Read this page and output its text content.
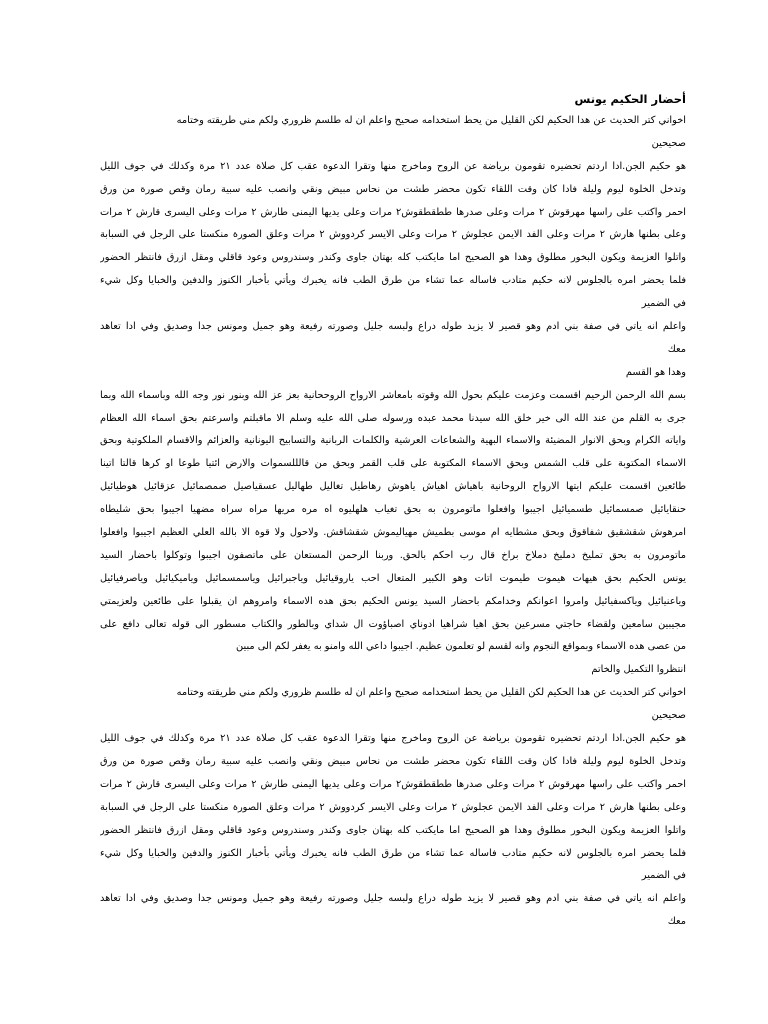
أحضار الحكيم يونس
اخواني كتر الحديث عن هدا الحكيم لكن القليل من يحط استخدامه صحيح واعلم ان له طلسم ظروري ولكم مني طريقته وختامه
صحيحين
هو حكيم الجن.ادا اردتم تحضيره تقومون برياضة عن الروح وماخرج منها وتقرا الدعوة عقب كل صلاة عدد ٢١ مرة وكدلك في جوف الليل
وتدخل الخلوة ليوم وليلة فادا كان وقت اللقاء تكون محضر طشت من نحاس مبيض ونقي وانصب عليه سبية رمان وقص صورة من ورق
احمر واكتب على راسها مهرقوش ٢ مرات وعلى صدرها ططقطقوش٢ مرات وعلى يديها اليمنى طارش ٢ مرات وعلى اليسرى قارش ٢ مرات
وعلى بطنها هارش ٢ مرات وعلى الفد الايمن عجلوش ٢ مرات وعلى الايسر كردووش ٢ مرات وعلق الصورة منكستا على الرجل في السبابة
واتلوا العزيمة ويكون البخور مطلوق وهدا هو الصحيح اما مايكتب كله بهتان جاوى وكندر وسندروس وعود قاقلي ومقل ازرق فانتظر الحضور
فلما يحضر امره بالجلوس لانه حكيم متادب فاساله عما تشاء من طرق الطب فانه يخبرك ويأتي بأخبار الكنوز والدفين والخبايا وكل شيء
في الضمير
واعلم انه ياتي في صفة بني ادم وهو قصير لا يزيد طوله دراع ولبسه جليل وصورته رفيعة وهو جميل ومونس جدا وصديق وفي ادا تعاهد
معك
وهدا هو القسم
بسم الله الرحمن الرحيم اقسمت وعزمت عليكم بحول الله وقوته بامعاشر الارواح الروححانية بعز عز الله وبنور نور وجه الله وباسماء الله وبما
جرى به القلم من عند الله الى خير خلق الله سيدنا محمد عبده ورسوله صلى الله عليه وسلم الا ماقبلتم واسرعتم بحق اسماء الله العظام
واياته الكرام وبحق الانوار المضيئة والاسماء البهية والشعاعات العرشية والكلمات الربانية والتسابيح اليونانية والعزائم والاقسام الملكوتية وبحق
الاسماء المكتوبة على قلب الشمس وبحق الاسماء المكتوبة على قلب القمر وبحق من قالللسموات والارض ائتيا طوعا او كرها قالتا اتينا
طائعين اقسمت عليكم ايتها الارواح الروحانية باهياش اهياش ياهوش رهاطيل تغاليل طهاليل عسقياصيل صمصمائيل عزقائيل هوطيائيل
حنقايائيل صمسمائيل طسميائيل اجيبوا وافعلوا ماتومرون به بحق تغياب هلهليوه اه مره مريها مراه سراه مضهيا اجيبوا بحق شليطاه
امرهوش شقشقيق شفاقوق وبحق مشطايه ام موسى بطميش مهياليموش شقشاقش. ولاحول ولا قوة الا بالله العلي العظيم اجيبوا وافعلوا
ماتومرون به بحق تمليخ دمليخ دملاخ براخ قال رب احكم بالحق. وربنا الرحمن المستعان على ماتصفون اجيبوا وتوكلوا باحضار السيد
يونس الحكيم بحق هيهات هيموت طيموت اتات وهو الكبير المتعال احب ياروقيائيل وياجبرائيل وياسمسمائيل وياميكيائيل وياصرفيائيل
وياعنيائيل وياكسفيائيل وامروا اعوانكم وخدامكم باحضار السيد يونس الحكيم بحق هده الاسماء وامروهم ان يقبلوا على طائعين ولعزيمتي
مجيبين سامعين ولقضاء حاجتي مسرعين بحق اهيا شراهيا ادوناي اصباؤوت ال شداي وبالطور والكتاب مسطور الى قوله تعالى دافع على
من عصى هده الاسماء وبمواقع النجوم وانه لقسم لو تعلمون عظيم. اجيبوا داعي الله وامنو به يغفر لكم الى مبين
انتظروا التكميل والخاتم
اخواني كتر الحديث عن هدا الحكيم لكن القليل من يحط استخدامه صحيح واعلم ان له طلسم ظروري ولكم مني طريقته وختامه
صحيحين
هو حكيم الجن.ادا اردتم تحضيره تقومون برياضة عن الروح وماخرج منها وتقرا الدعوة عقب كل صلاة عدد ٢١ مرة وكدلك في جوف الليل
وتدخل الخلوة ليوم وليلة فادا كان وقت اللقاء تكون محضر طشت من نحاس مبيض ونقي وانصب عليه سبية رمان وقص صورة من ورق
احمر واكتب على راسها مهرقوش ٢ مرات وعلى صدرها ططقطقوش٢ مرات وعلى يديها اليمنى طارش ٢ مرات وعلى اليسرى قارش ٢ مرات
وعلى بطنها هارش ٢ مرات وعلى الفد الايمن عجلوش ٢ مرات وعلى الايسر كردووش ٢ مرات وعلق الصورة منكستا على الرجل في السبابة
واتلوا العزيمة ويكون البخور مطلوق وهدا هو الصحيح اما مايكتب كله بهتان جاوى وكندر وسندروس وعود قاقلي ومقل ازرق فانتظر الحضور
فلما يحضر امره بالجلوس لانه حكيم متادب فاساله عما تشاء من طرق الطب فانه يخبرك ويأتي بأخبار الكنوز والدفين والخبايا وكل شيء
في الضمير
واعلم انه ياتي في صفة بني ادم وهو قصير لا يزيد طوله دراع ولبسه جليل وصورته رفيعة وهو جميل ومونس جدا وصديق وفي ادا تعاهد
معك
